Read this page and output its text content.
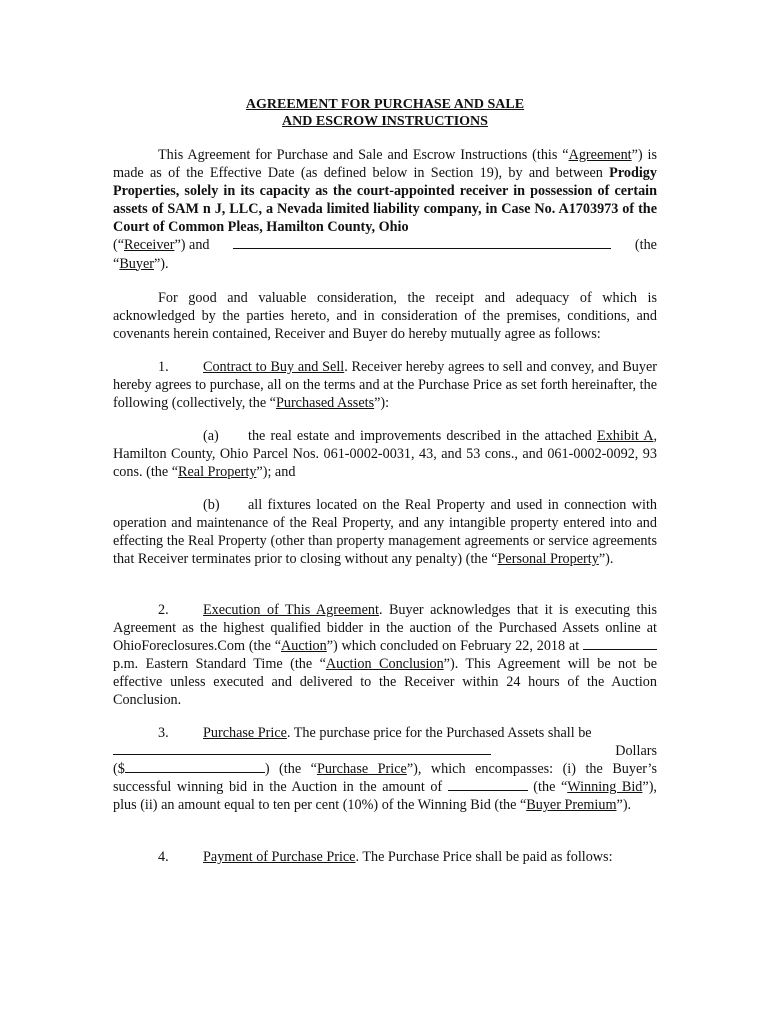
AGREEMENT FOR PURCHASE AND SALE
AND ESCROW INSTRUCTIONS
This Agreement for Purchase and Sale and Escrow Instructions (this “Agreement”) is made as of the Effective Date (as defined below in Section 19), by and between Prodigy Properties, solely in its capacity as the court-appointed receiver in possession of certain assets of SAM n J, LLC, a Nevada limited liability company, in Case No. A1703973 of the Court of Common Pleas, Hamilton County, Ohio
(“Receiver”) and	(the
“Buyer”).
For good and valuable consideration, the receipt and adequacy of which is acknowledged by the parties hereto, and in consideration of the premises, conditions, and covenants herein contained, Receiver and Buyer do hereby mutually agree as follows:
1. Contract to Buy and Sell. Receiver hereby agrees to sell and convey, and Buyer hereby agrees to purchase, all on the terms and at the Purchase Price as set forth hereinafter, the following (collectively, the “Purchased Assets”):
(a) the real estate and improvements described in the attached Exhibit A, Hamilton County, Ohio Parcel Nos. 061-0002-0031, 43, and 53 cons., and 061-0002-0092, 93 cons. (the “Real Property”); and
(b) all fixtures located on the Real Property and used in connection with operation and maintenance of the Real Property, and any intangible property entered into and effecting the Real Property (other than property management agreements or service agreements that Receiver terminates prior to closing without any penalty) (the “Personal Property”).
2. Execution of This Agreement. Buyer acknowledges that it is executing this Agreement as the highest qualified bidder in the auction of the Purchased Assets online at OhioForeclosures.Com (the “Auction”) which concluded on February 22, 2018 at  p.m. Eastern Standard Time (the “Auction Conclusion”). This Agreement will be not be effective unless executed and delivered to the Receiver within 24 hours of the Auction Conclusion.
3. Purchase Price. The purchase price for the Purchased Assets shall be
Dollars
($	) (the “Purchase Price”), which encompasses: (i) the Buyer’s successful winning bid in the Auction in the amount of	(the “Winning Bid”), plus (ii) an amount equal to ten per cent (10%) of the Winning Bid (the “Buyer Premium”).
4. Payment of Purchase Price. The Purchase Price shall be paid as follows:
